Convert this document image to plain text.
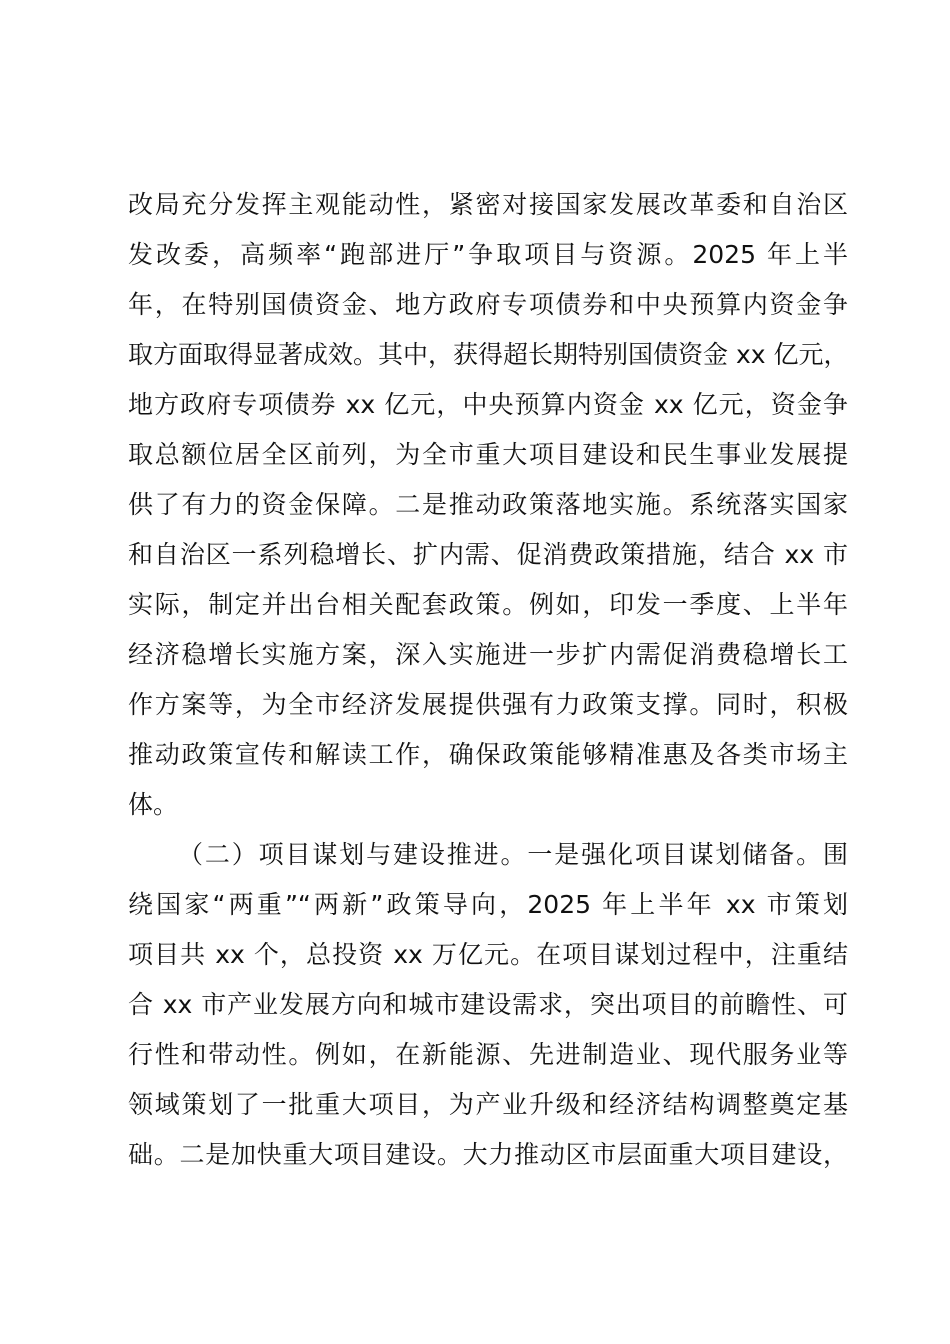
改局充分发挥主观能动性，紧密对接国家发展改革委和自治区
发改委，高频率“跑部进厅”争取项目与资源。2025 年上半
年，在特别国债资金、地方政府专项债券和中央预算内资金争
取方面取得显著成效。其中，获得超长期特别国债资金 xx 亿元，
地方政府专项债券 xx 亿元，中央预算内资金 xx 亿元，资金争
取总额位居全区前列，为全市重大项目建设和民生事业发展提
供了有力的资金保障。二是推动政策落地实施。系统落实国家
和自治区一系列稳增长、扩内需、促消费政策措施，结合 xx 市
实际，制定并出台相关配套政策。例如，印发一季度、上半年
经济稳增长实施方案，深入实施进一步扩内需促消费稳增长工
作方案等，为全市经济发展提供强有力政策支撑。同时，积极
推动政策宣传和解读工作，确保政策能够精准惠及各类市场主
体。
（二）项目谋划与建设推进。一是强化项目谋划储备。围
绕国家“两重”“两新”政策导向，2025 年上半年 xx 市策划
项目共 xx 个，总投资 xx 万亿元。在项目谋划过程中，注重结
合 xx 市产业发展方向和城市建设需求，突出项目的前瞻性、可
行性和带动性。例如，在新能源、先进制造业、现代服务业等
领域策划了一批重大项目，为产业升级和经济结构调整奠定基
础。二是加快重大项目建设。大力推动区市层面重大项目建设，
